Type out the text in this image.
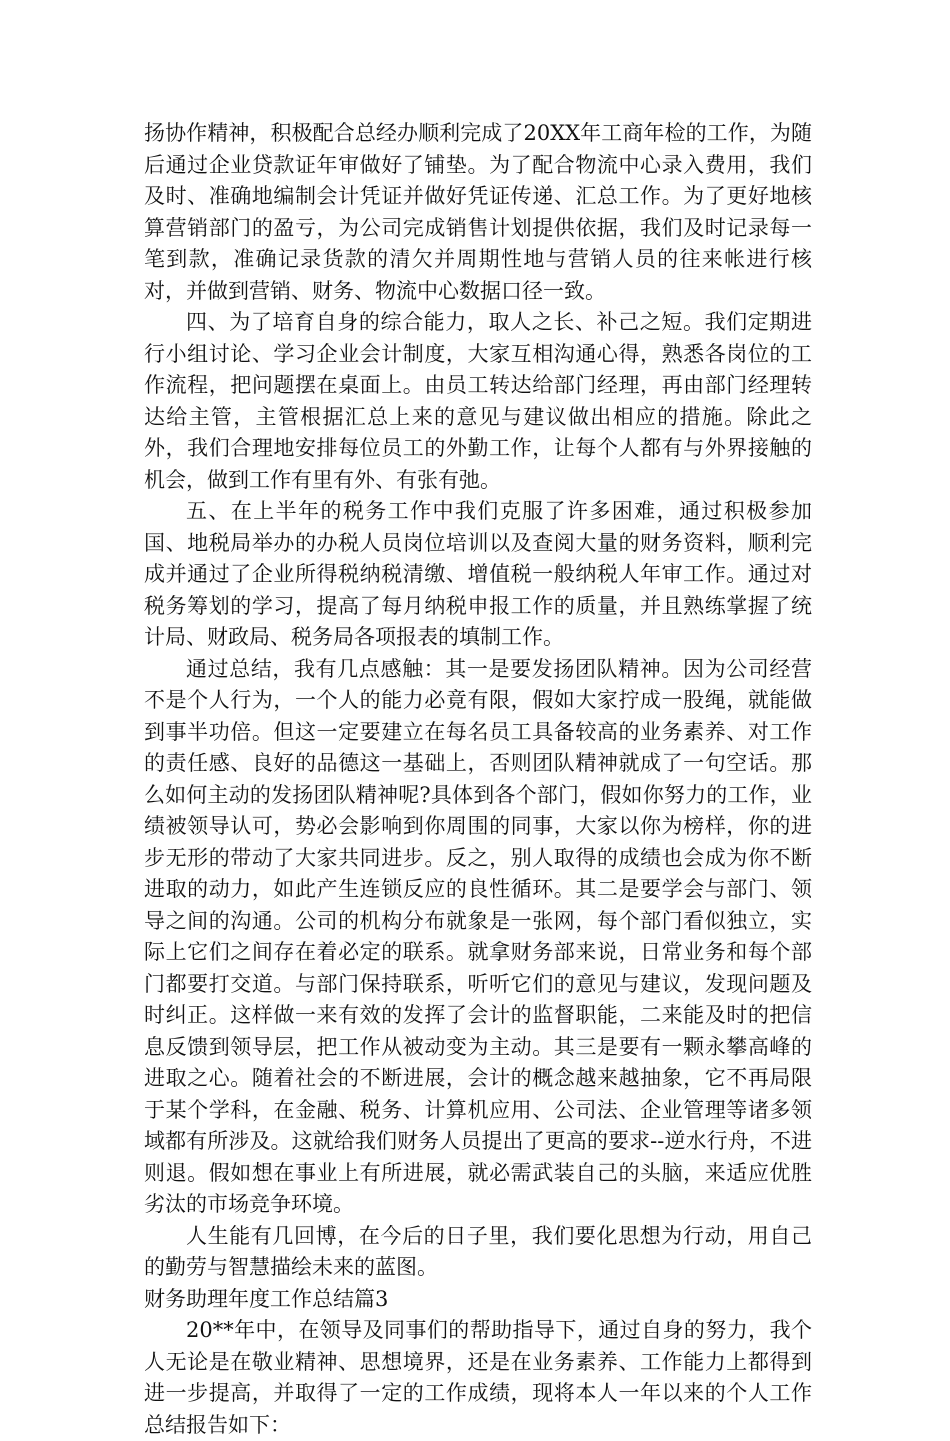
扬协作精神，积极配合总经办顺利完成了20XX年工商年检的工作，为随后通过企业贷款证年审做好了铺垫。为了配合物流中心录入费用，我们及时、准确地编制会计凭证并做好凭证传递、汇总工作。为了更好地核算营销部门的盈亏，为公司完成销售计划提供依据，我们及时记录每一笔到款，准确记录货款的清欠并周期性地与营销人员的往来帐进行核对，并做到营销、财务、物流中心数据口径一致。

四、为了培育自身的综合能力，取人之长、补己之短。我们定期进行小组讨论、学习企业会计制度，大家互相沟通心得，熟悉各岗位的工作流程，把问题摆在桌面上。由员工转达给部门经理，再由部门经理转达给主管，主管根据汇总上来的意见与建议做出相应的措施。除此之外，我们合理地安排每位员工的外勤工作，让每个人都有与外界接触的机会，做到工作有里有外、有张有弛。

五、在上半年的税务工作中我们克服了许多困难，通过积极参加国、地税局举办的办税人员岗位培训以及查阅大量的财务资料，顺利完成并通过了企业所得税纳税清缴、增值税一般纳税人年审工作。通过对税务筹划的学习，提高了每月纳税申报工作的质量，并且熟练掌握了统计局、财政局、税务局各项报表的填制工作。

通过总结，我有几点感触：其一是要发扬团队精神。因为公司经营不是个人行为，一个人的能力必竟有限，假如大家拧成一股绳，就能做到事半功倍。但这一定要建立在每名员工具备较高的业务素养、对工作的责任感、良好的品德这一基础上，否则团队精神就成了一句空话。那么如何主动的发扬团队精神呢?具体到各个部门，假如你努力的工作，业绩被领导认可，势必会影响到你周围的同事，大家以你为榜样，你的进步无形的带动了大家共同进步。反之，别人取得的成绩也会成为你不断进取的动力，如此产生连锁反应的良性循环。其二是要学会与部门、领导之间的沟通。公司的机构分布就象是一张网，每个部门看似独立，实际上它们之间存在着必定的联系。就拿财务部来说，日常业务和每个部门都要打交道。与部门保持联系，听听它们的意见与建议，发现问题及时纠正。这样做一来有效的发挥了会计的监督职能，二来能及时的把信息反馈到领导层，把工作从被动变为主动。其三是要有一颗永攀高峰的进取之心。随着社会的不断进展，会计的概念越来越抽象，它不再局限于某个学科，在金融、税务、计算机应用、公司法、企业管理等诸多领域都有所涉及。这就给我们财务人员提出了更高的要求--逆水行舟，不进则退。假如想在事业上有所进展，就必需武装自己的头脑，来适应优胜劣汰的市场竞争环境。

人生能有几回博，在今后的日子里，我们要化思想为行动，用自己的勤劳与智慧描绘未来的蓝图。

财务助理年度工作总结篇3

20**年中，在领导及同事们的帮助指导下，通过自身的努力，我个人无论是在敬业精神、思想境界，还是在业务素养、工作能力上都得到进一步提高，并取得了一定的工作成绩，现将本人一年以来的个人工作总结报告如下：
